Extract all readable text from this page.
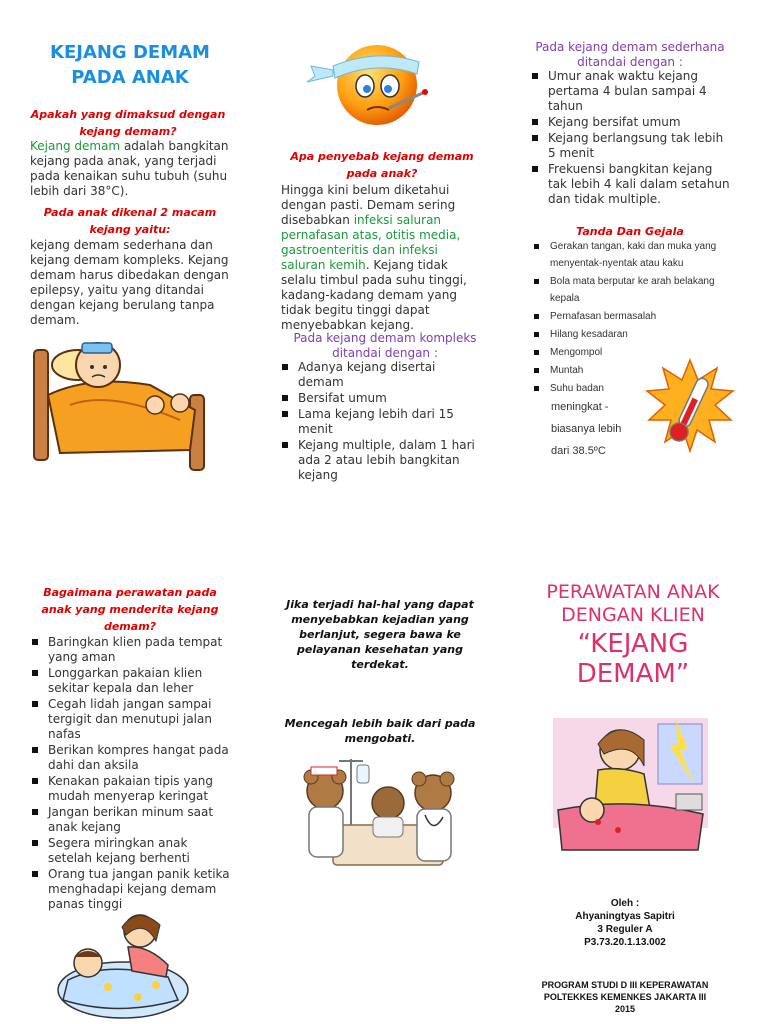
KEJANG DEMAM
PADA ANAK
Apakah yang dimaksud dengan kejang demam?
Kejang demam adalah bangkitan kejang pada anak, yang terjadi pada kenaikan suhu tubuh (suhu lebih dari 38°C).
Pada anak dikenal 2 macam kejang yaitu:
kejang demam sederhana dan kejang demam kompleks. Kejang demam harus dibedakan dengan epilepsy, yaitu yang ditandai dengan kejang berulang tanpa demam.
Apa penyebab kejang demam pada anak?
Hingga kini belum diketahui dengan pasti. Demam sering disebabkan infeksi saluran pernafasan atas, otitis media, gastroenteritis dan infeksi saluran kemih. Kejang tidak selalu timbul pada suhu tinggi, kadang-kadang demam yang tidak begitu tinggi dapat menyebabkan kejang.
Pada kejang demam kompleks ditandai dengan :
Adanya kejang disertai demam
Bersifat umum
Lama kejang lebih dari 15 menit
Kejang multiple, dalam 1 hari ada 2 atau lebih bangkitan kejang
Pada kejang demam sederhana ditandai dengan :
Umur anak waktu kejang pertama 4 bulan sampai 4 tahun
Kejang bersifat umum
Kejang berlangsung tak lebih 5 menit
Frekuensi bangkitan kejang tak lebih 4 kali dalam setahun dan tidak multiple.
Tanda Dan Gejala
Gerakan tangan, kaki dan muka yang menyentak-nyentak atau kaku
Bola mata berputar ke arah belakang kepala
Pernafasan bermasalah
Hilang kesadaran
Mengompol
Muntah
Suhu badan
meningkat -
biasanya lebih
dari 38.5ºC
Bagaimana perawatan pada anak yang menderita kejang demam?
Baringkan klien pada tempat yang aman
Longgarkan pakaian klien sekitar kepala dan leher
Cegah lidah jangan sampai tergigit dan menutupi jalan nafas
Berikan kompres hangat pada dahi dan aksila
Kenakan pakaian tipis yang mudah menyerap keringat
Jangan berikan minum saat anak kejang
Segera miringkan anak setelah kejang berhenti
Orang tua jangan panik ketika menghadapi kejang demam panas tinggi
Jika terjadi hal-hal yang dapat menyebabkan kejadian yang berlanjut, segera bawa ke pelayanan kesehatan yang terdekat.
Mencegah lebih baik dari pada mengobati.
PERAWATAN ANAK
DENGAN KLIEN
“KEJANG
DEMAM”
Oleh :
Ahyaningtyas Sapitri
3 Reguler A
P3.73.20.1.13.002
PROGRAM STUDI D III KEPERAWATAN
POLTEKKES KEMENKES JAKARTA III
2015
